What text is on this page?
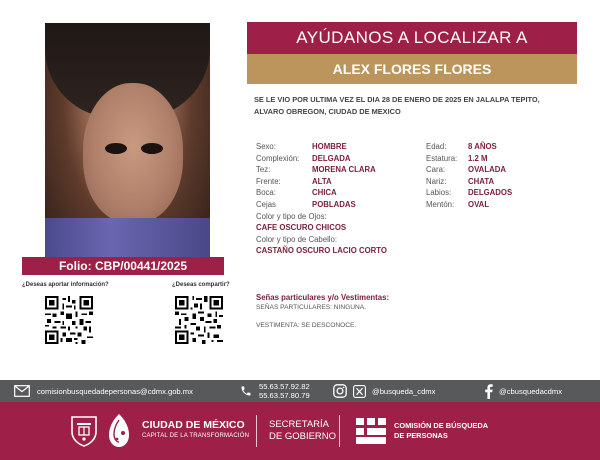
Folio: CBP/00441/2025
¿Deseas aportar información?	¿Deseas compartir?
AYÚDANOS A LOCALIZAR A
ALEX FLORES FLORES
SE LE VIO POR ULTIMA VEZ EL DIA 28 DE ENERO DE 2025 EN JALALPA TEPITO,
ALVARO OBREGON, CIUDAD DE MEXICO
Sexo:	HOMBRE
Complexión: DELGADA
Tez:	MORENA CLARA
Frente:	ALTA
Boca:	CHICA
Cejas	POBLADAS
Color y tipo de Ojos:
CAFE OSCURO CHICOS
Color y tipo de Cabello:
CASTAÑO OSCURO LACIO CORTO
Edad:	8 AÑOS
Estatura: 1.2 M
Cara:	OVALADA
Nariz:	CHATA
Labios: DELGADOS
Mentón: OVAL
Señas particulares y/o Vestimentas:
SEÑAS PARTICULARES: NINGUNA.
VESTIMENTA: SE DESCONOCE.
comisionbusquedadepersonas@cdmx.gob.mx	55.63.57.92.82
55.63.57.80.79	@busqueda_cdmx	@cbusquedacdmx
CIUDAD DE MÉXICO
CAPITAL DE LA TRANSFORMACIÓN
SECRETARÍA
DE GOBIERNO
COMISIÓN DE BÚSQUEDA
DE PERSONAS
